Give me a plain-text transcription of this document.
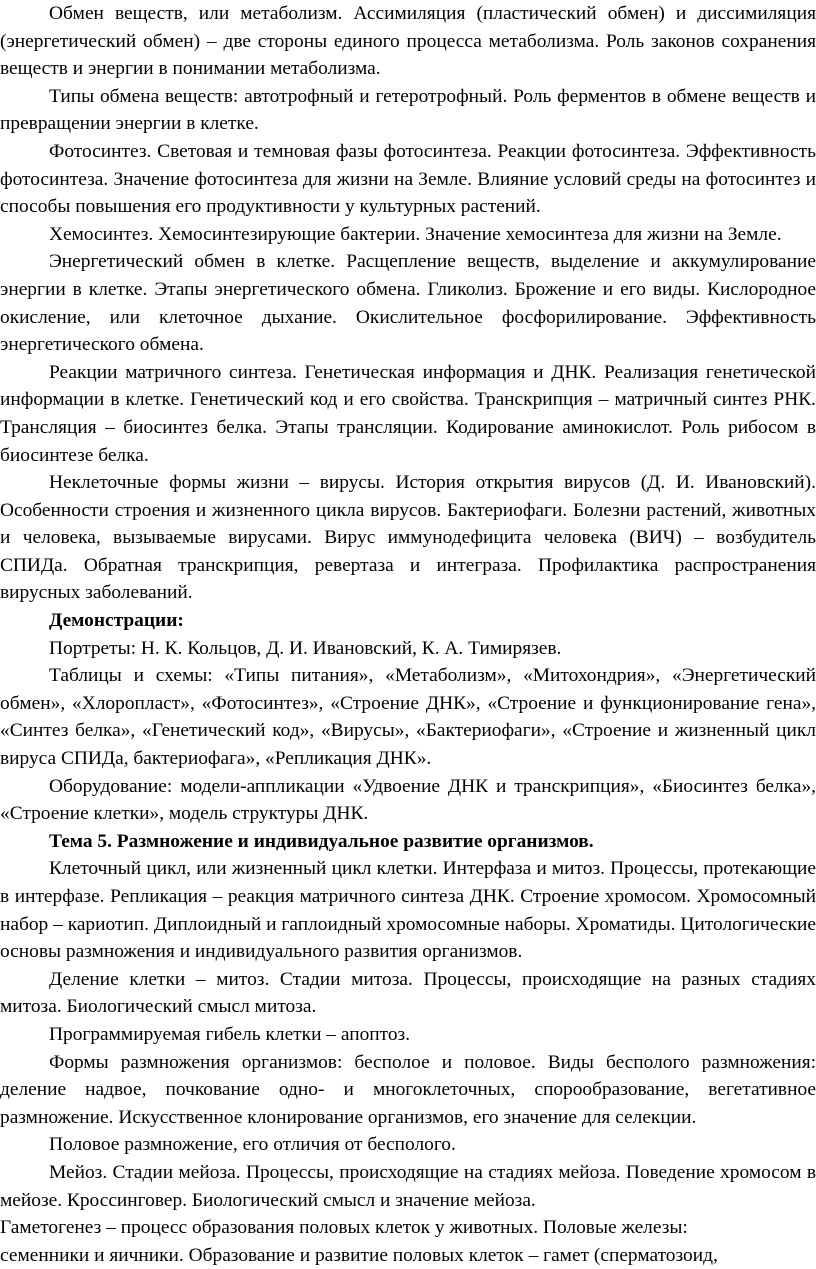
Обмен веществ, или метаболизм. Ассимиляция (пластический обмен) и диссимиляция (энергетический обмен) – две стороны единого процесса метаболизма. Роль законов сохранения веществ и энергии в понимании метаболизма.

Типы обмена веществ: автотрофный и гетеротрофный. Роль ферментов в обмене веществ и превращении энергии в клетке.

Фотосинтез. Световая и темновая фазы фотосинтеза. Реакции фотосинтеза. Эффективность фотосинтеза. Значение фотосинтеза для жизни на Земле. Влияние условий среды на фотосинтез и способы повышения его продуктивности у культурных растений.

Хемосинтез. Хемосинтезирующие бактерии. Значение хемосинтеза для жизни на Земле.

Энергетический обмен в клетке. Расщепление веществ, выделение и аккумулирование энергии в клетке. Этапы энергетического обмена. Гликолиз. Брожение и его виды. Кислородное окисление, или клеточное дыхание. Окислительное фосфорилирование. Эффективность энергетического обмена.

Реакции матричного синтеза. Генетическая информация и ДНК. Реализация генетической информации в клетке. Генетический код и его свойства. Транскрипция – матричный синтез РНК. Трансляция – биосинтез белка. Этапы трансляции. Кодирование аминокислот. Роль рибосом в биосинтезе белка.

Неклеточные формы жизни – вирусы. История открытия вирусов (Д. И. Ивановский). Особенности строения и жизненного цикла вирусов. Бактериофаги. Болезни растений, животных и человека, вызываемые вирусами. Вирус иммунодефицита человека (ВИЧ) – возбудитель СПИДа. Обратная транскрипция, ревертаза и интеграза. Профилактика распространения вирусных заболеваний.

Демонстрации:

Портреты: Н. К. Кольцов, Д. И. Ивановский, К. А. Тимирязев.

Таблицы и схемы: «Типы питания», «Метаболизм», «Митохондрия», «Энергетический обмен», «Хлоропласт», «Фотосинтез», «Строение ДНК», «Строение и функционирование гена», «Синтез белка», «Генетический код», «Вирусы», «Бактериофаги», «Строение и жизненный цикл вируса СПИДа, бактериофага», «Репликация ДНК».

Оборудование: модели-аппликации «Удвоение ДНК и транскрипция», «Биосинтез белка», «Строение клетки», модель структуры ДНК.

Тема 5. Размножение и индивидуальное развитие организмов.

Клеточный цикл, или жизненный цикл клетки. Интерфаза и митоз. Процессы, протекающие в интерфазе. Репликация – реакция матричного синтеза ДНК. Строение хромосом. Хромосомный набор – кариотип. Диплоидный и гаплоидный хромосомные наборы. Хроматиды. Цитологические основы размножения и индивидуального развития организмов.

Деление клетки – митоз. Стадии митоза. Процессы, происходящие на разных стадиях митоза. Биологический смысл митоза.

Программируемая гибель клетки – апоптоз.

Формы размножения организмов: бесполое и половое. Виды бесполого размножения: деление надвое, почкование одно- и многоклеточных, спорообразование, вегетативное размножение. Искусственное клонирование организмов, его значение для селекции.

Половое размножение, его отличия от бесполого.

Мейоз. Стадии мейоза. Процессы, происходящие на стадиях мейоза. Поведение хромосом в мейозе. Кроссинговер. Биологический смысл и значение мейоза.

Гаметогенез – процесс образования половых клеток у животных. Половые железы:

семенники и яичники. Образование и развитие половых клеток – гамет (сперматозоид,
